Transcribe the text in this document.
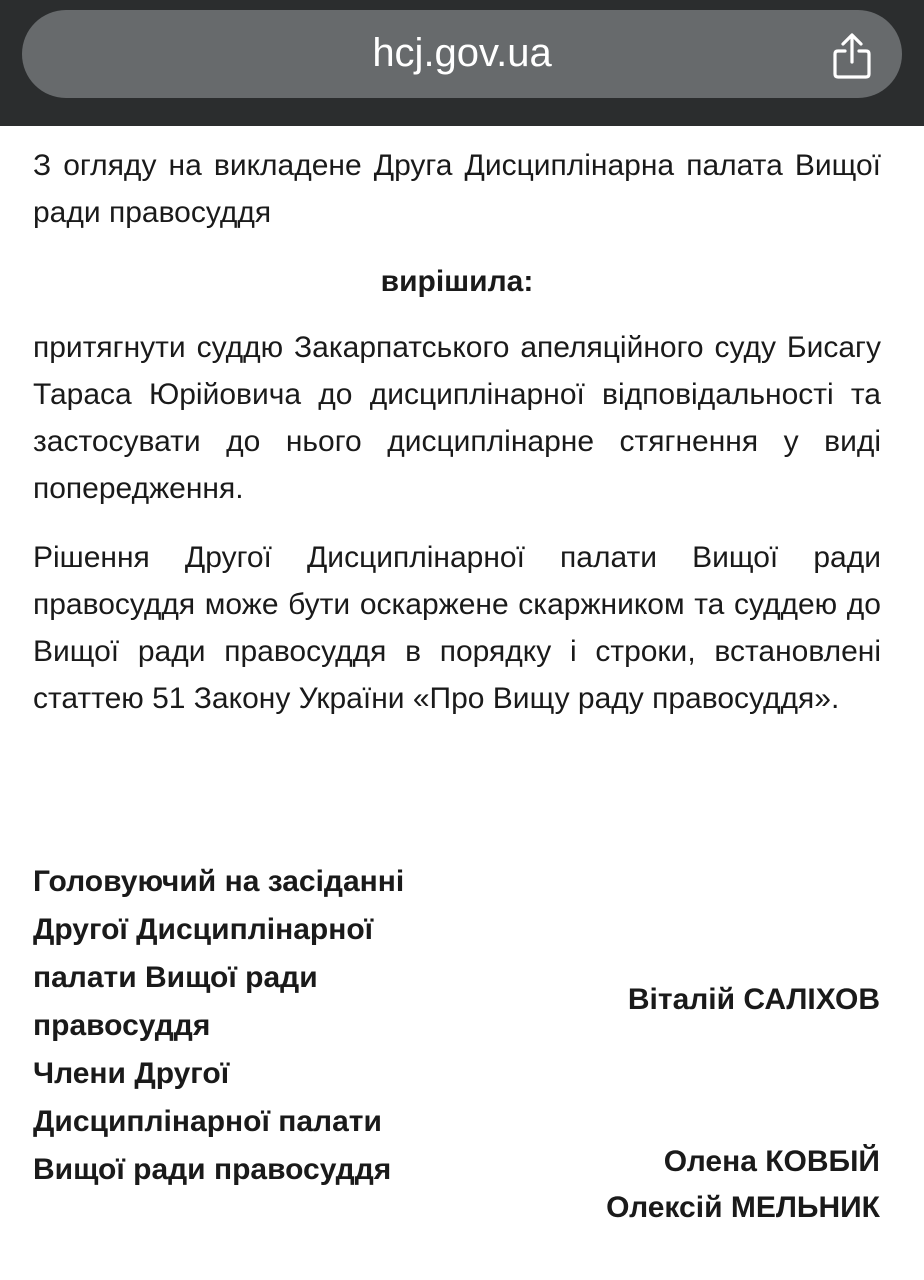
hcj.gov.ua

З огляду на викладене Друга Дисциплінарна палата Вищої ради правосуддя

вирішила:

притягнути суддю Закарпатського апеляційного суду Бисагу Тараса Юрійовича до дисциплінарної відповідальності та застосувати до нього дисциплінарне стягнення у виді попередження.

Рішення Другої Дисциплінарної палати Вищої ради правосуддя може бути оскаржене скаржником та суддею до Вищої ради правосуддя в порядку і строки, встановлені статтею 51 Закону України «Про Вищу раду правосуддя».

Головуючий на засіданні
Другої Дисциплінарної
палати Вищої ради
правосуддя
Члени Другої
Дисциплінарної палати
Вищої ради правосуддя
Віталій САЛІХОВ
Олена КОВБІЙ
Олексій МЕЛЬНИК
